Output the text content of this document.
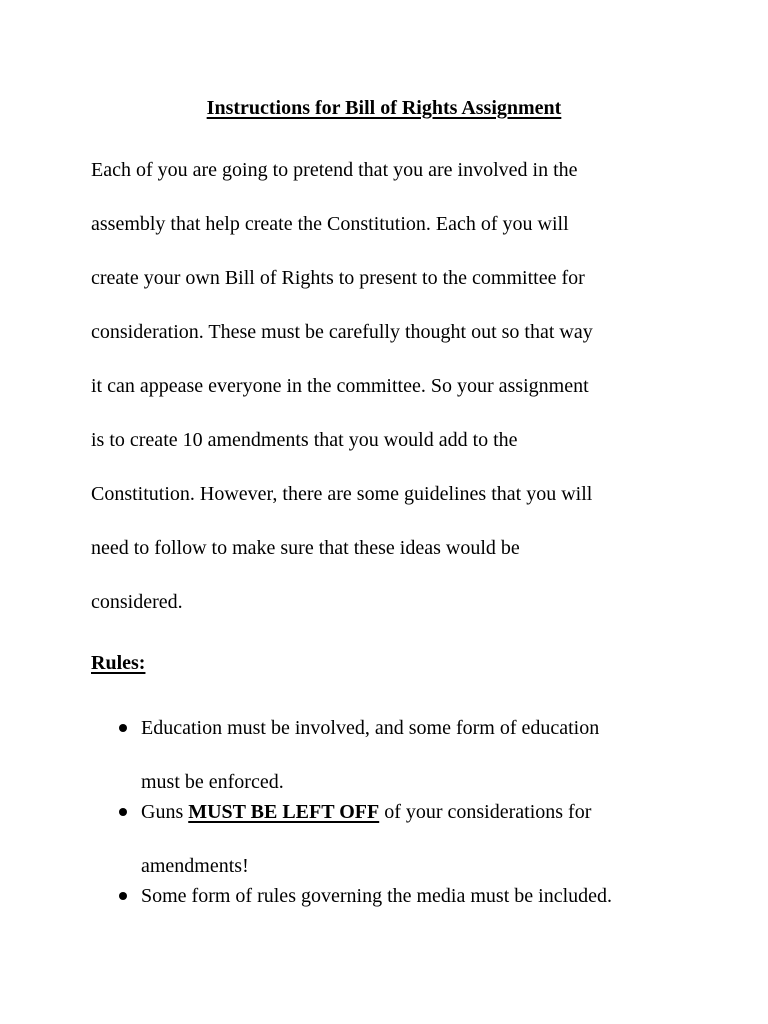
Instructions for Bill of Rights Assignment
Each of you are going to pretend that you are involved in the
assembly that help create the Constitution. Each of you will
create your own Bill of Rights to present to the committee for
consideration. These must be carefully thought out so that way
it can appease everyone in the committee. So your assignment
is to create 10 amendments that you would add to the
Constitution. However, there are some guidelines that you will
need to follow to make sure that these ideas would be
considered.
Rules:
Education must be involved, and some form of education
must be enforced.
Guns MUST BE LEFT OFF of your considerations for
amendments!
Some form of rules governing the media must be included.
